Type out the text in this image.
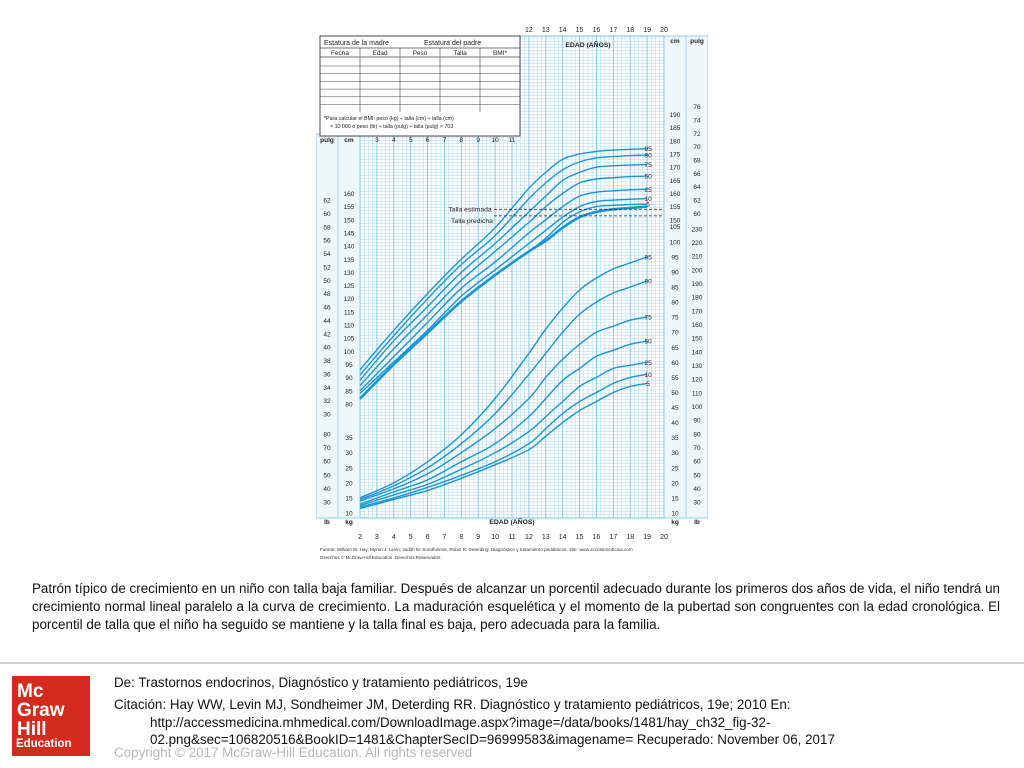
2
3
3
4
4
5
5
6
6
7
7
8
8
9
9
10
10
11
11
12
12
13
13
14
14
15
15
16
16
17
17
18
18
19
19
20
20
EDAD (AÑOS)
EDAD (AÑOS)
pulg cm
80
85
90
95
100
105
110
115
120
125
130
135
140
145
150
155
160
30
32
34
36
38
40
42
44
46
48
50
52
54
56
58
60
62
cm pulg
150
155
160
165
170
175
180
185
190
60
62
64
66
68
70
72
74
76
10
15
20
25
30
35
30
40
50
60
70
80
lb kg
10
15
20
25
30
35
40
45
50
55
60
65
70
75
80
85
90
95
100
105
30
40
50
60
70
80
90
100
110
120
130
140
150
160
170
180
190
200
210
220
230
kg lb
95
90
75
50
25
10
5
95
90
75
50
25
10
5
Talla estimada
Talla predicha
Estatura de la madre	Estatura del padre
Fecha	Edad	Peso	Talla	BMI*
*Para calcular el BMI: peso (kg) ÷ talla (cm) ÷ talla (cm)
× 10 000 o peso (lb) ÷ talla (pulg) ÷ talla (pulg) × 703
Fuente: William W. Hay, Myron J. Levin, Judith M. Sondheimer, Robin R. Deterding: Diagnóstico y tratamiento pediátricos, 19e: www.accessmedicina.com
Derechos © McGraw-Hill Education. Derechos Reservados.
Patrón típico de crecimiento en un niño con talla baja familiar. Después de alcanzar un porcentil adecuado durante los primeros dos años de vida, el niño tendrá un crecimiento normal lineal paralelo a la curva de crecimiento. La maduración esquelética y el momento de la pubertad son congruentes con la edad cronológica. El porcentil de talla que el niño ha seguido se mantiene y la talla final es baja, pero adecuada para la familia.
Mc
Graw
Hill
Education
De: Trastornos endocrinos, Diagnóstico y tratamiento pediátricos, 19e
Citación: Hay WW, Levin MJ, Sondheimer JM, Deterding RR. Diagnóstico y tratamiento pediátricos, 19e; 2010 En:
http://accessmedicina.mhmedical.com/DownloadImage.aspx?image=/data/books/1481/hay_ch32_fig-32-
02.png&sec=106820516&BookID=1481&ChapterSecID=96999583&imagename= Recuperado: November 06, 2017
Copyright © 2017 McGraw-Hill Education. All rights reserved
